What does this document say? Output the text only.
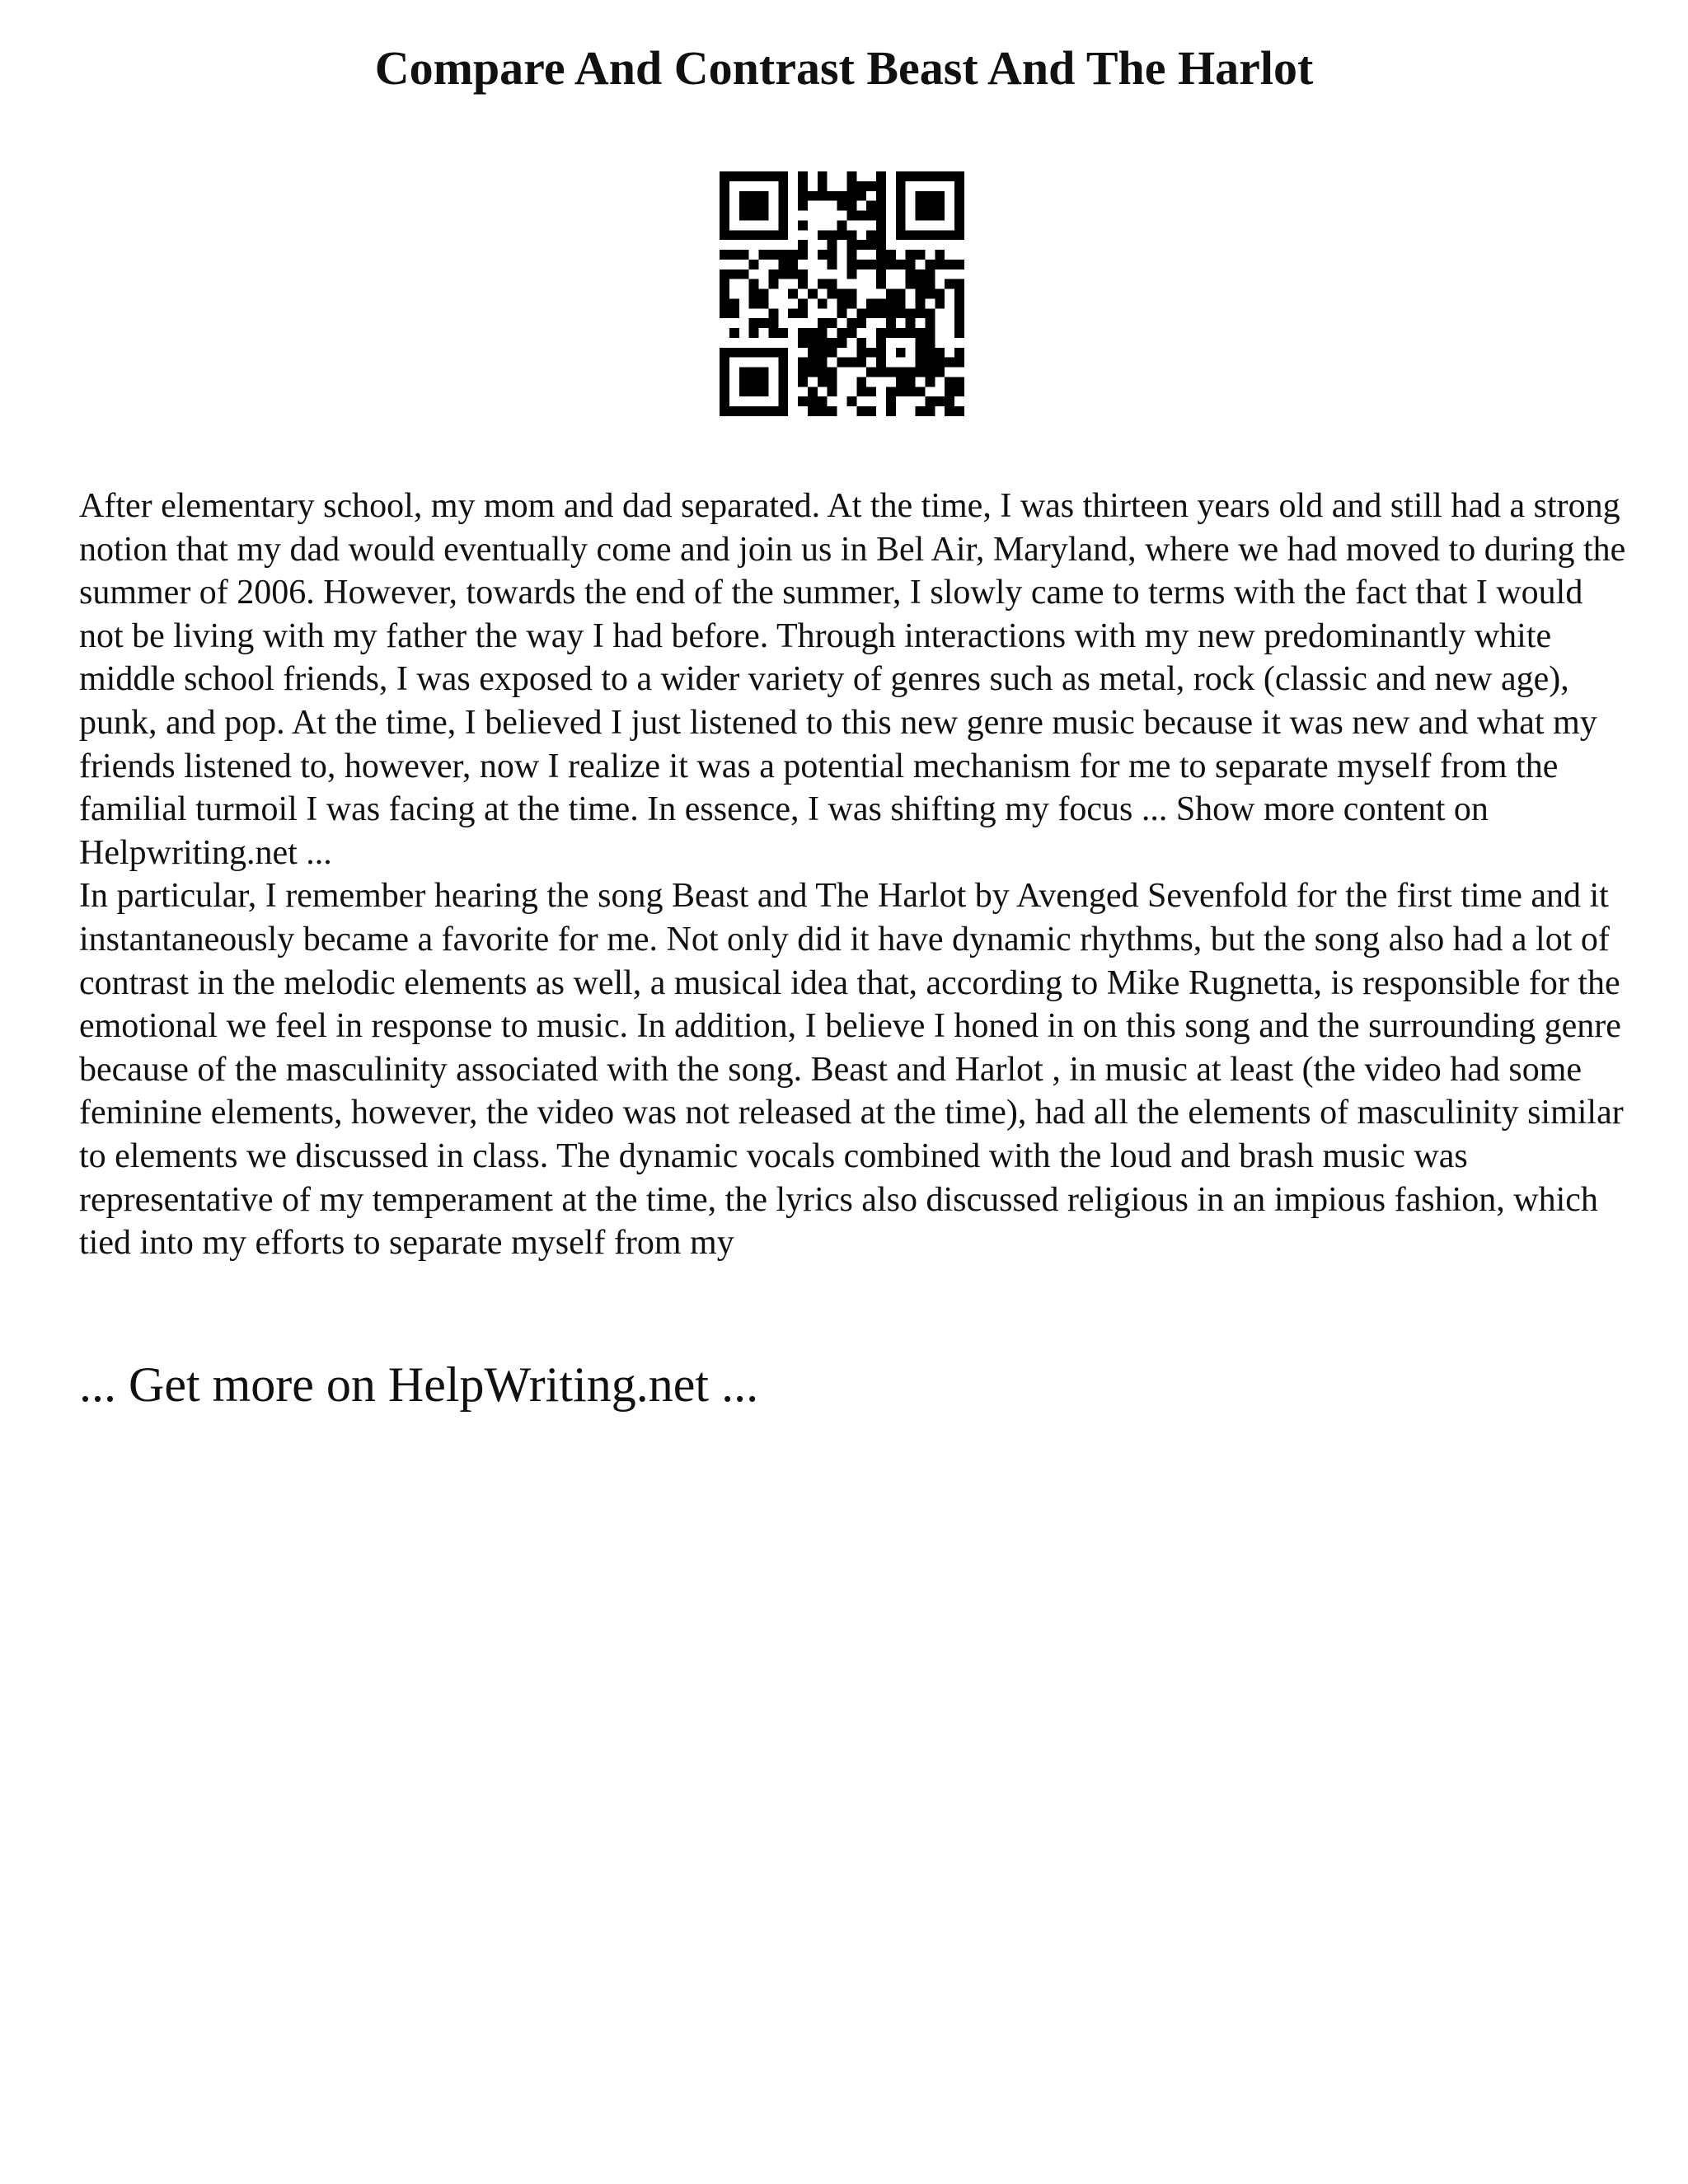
Compare And Contrast Beast And The Harlot

After elementary school, my mom and dad separated. At the time, I was thirteen years old and still had a strong notion that my dad would eventually come and join us in Bel Air, Maryland, where we had moved to during the summer of 2006. However, towards the end of the summer, I slowly came to terms with the fact that I would not be living with my father the way I had before. Through interactions with my new predominantly white middle school friends, I was exposed to a wider variety of genres such as metal, rock (classic and new age), punk, and pop. At the time, I believed I just listened to this new genre music because it was new and what my friends listened to, however, now I realize it was a potential mechanism for me to separate myself from the familial turmoil I was facing at the time. In essence, I was shifting my focus ... Show more content on Helpwriting.net ...

In particular, I remember hearing the song Beast and The Harlot by Avenged Sevenfold for the first time and it instantaneously became a favorite for me. Not only did it have dynamic rhythms, but the song also had a lot of contrast in the melodic elements as well, a musical idea that, according to Mike Rugnetta, is responsible for the emotional we feel in response to music. In addition, I believe I honed in on this song and the surrounding genre because of the masculinity associated with the song. Beast and Harlot , in music at least (the video had some feminine elements, however, the video was not released at the time), had all the elements of masculinity similar to elements we discussed in class. The dynamic vocals combined with the loud and brash music was representative of my temperament at the time, the lyrics also discussed religious in an impious fashion, which tied into my efforts to separate myself from my

... Get more on HelpWriting.net ...
